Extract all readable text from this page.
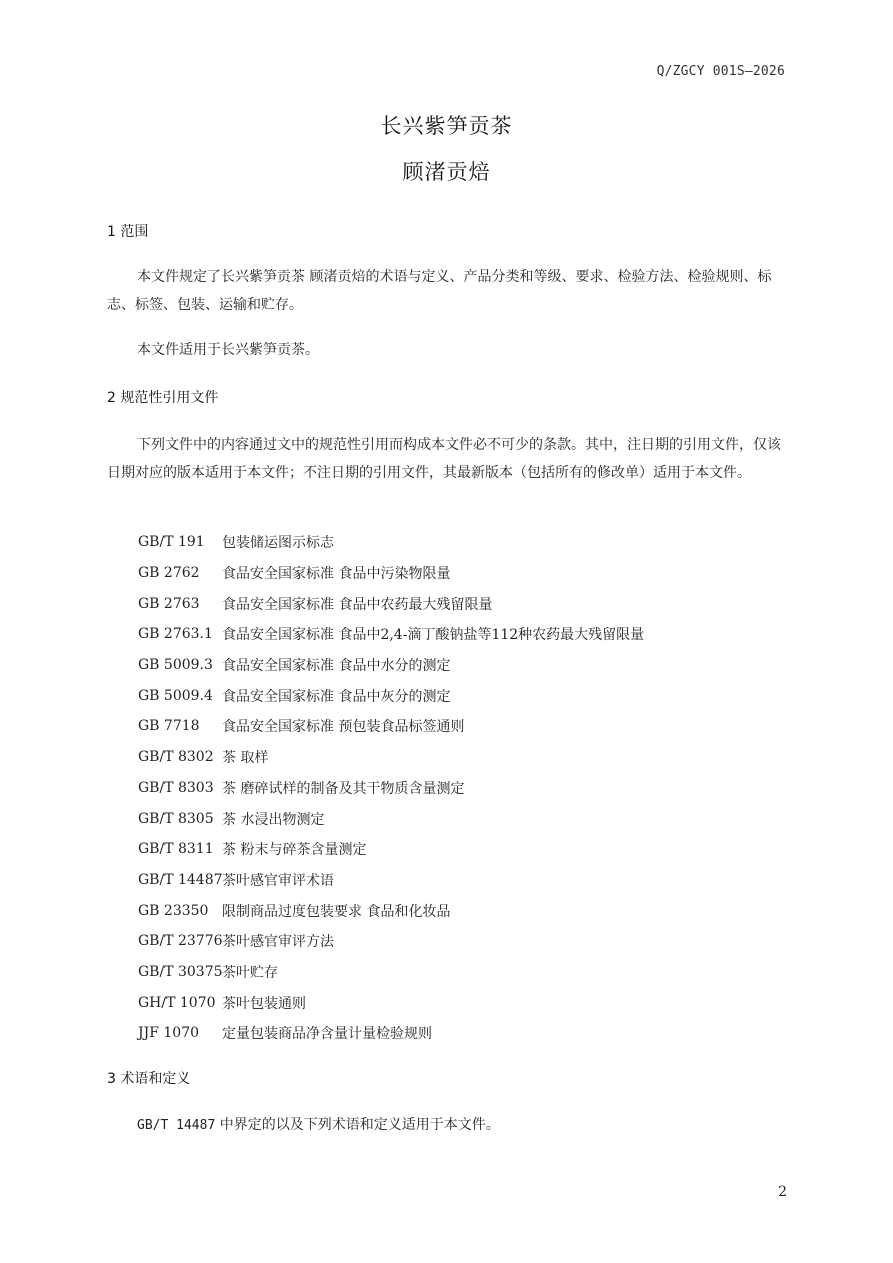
Q/ZGCY 001S—2026
长兴紫笋贡茶
顾渚贡焙
1 范围
本文件规定了长兴紫笋贡茶 顾渚贡焙的术语与定义、产品分类和等级、要求、检验方法、检验规则、标志、标签、包装、运输和贮存。
本文件适用于长兴紫笋贡茶。
2 规范性引用文件
下列文件中的内容通过文中的规范性引用而构成本文件必不可少的条款。其中，注日期的引用文件，仅该日期对应的版本适用于本文件；不注日期的引用文件，其最新版本（包括所有的修改单）适用于本文件。
GB/T 191	包装储运图示标志
GB 2762	食品安全国家标准 食品中污染物限量
GB 2763	食品安全国家标准 食品中农药最大残留限量
GB 2763.1 食品安全国家标准 食品中2,4-滴丁酸钠盐等112种农药最大残留限量
GB 5009.3 食品安全国家标准 食品中水分的测定
GB 5009.4 食品安全国家标准 食品中灰分的测定
GB 7718	食品安全国家标准 预包装食品标签通则
GB/T 8302 茶 取样
GB/T 8303 茶 磨碎试样的制备及其干物质含量测定
GB/T 8305 茶 水浸出物测定
GB/T 8311 茶 粉末与碎茶含量测定
GB/T 14487 茶叶感官审评术语
GB 23350 限制商品过度包装要求 食品和化妆品
GB/T 23776 茶叶感官审评方法
GB/T 30375 茶叶贮存
GH/T 1070 茶叶包装通则
JJF 1070	定量包装商品净含量计量检验规则
3 术语和定义
GB/T 14487 中界定的以及下列术语和定义适用于本文件。
2
